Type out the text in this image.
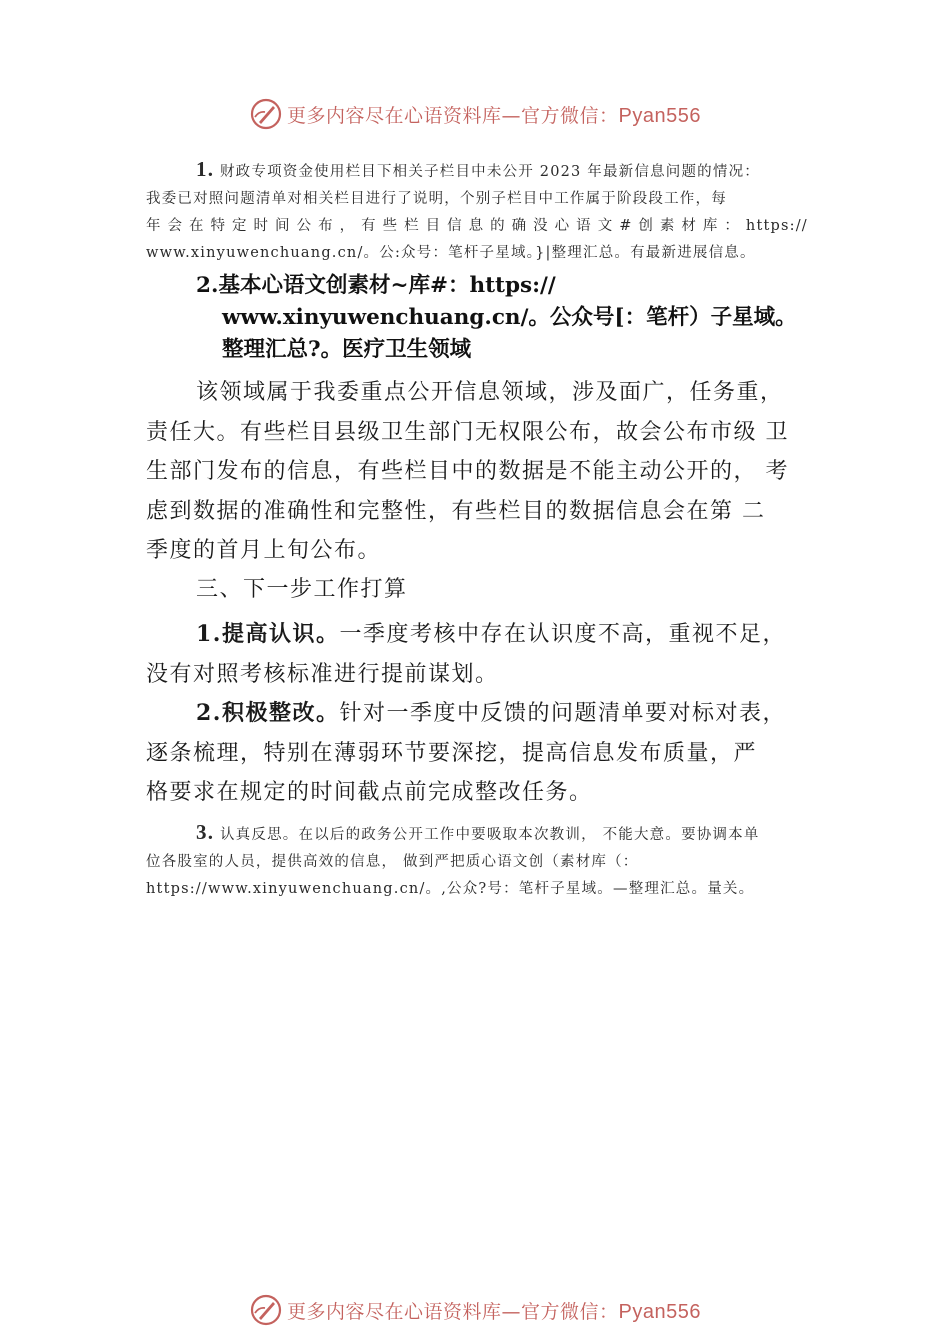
更多内容尽在心语资料库—官方微信：Pyan556
1. 财政专项资金使用栏目下相关子栏目中未公开 2023 年最新信息问题的情况：
我委已对照问题清单对相关栏目进行了说明，个别子栏目中工作属于阶段段工作，每
年 会 在 特 定 时 间 公 布 ， 有 些 栏 目 信 息 的 确 没 心 语 文 # 创 素 材 库 ： https://
www.xinyuwenchuang.cn/。公:众号：笔杆子星域。}|整理汇总。有最新进展信息。
2.基本心语文创素材~库#：https://
www.xinyuwenchuang.cn/。公众号[：笔杆）子星域。
整理汇总?。医疗卫生领域
该领域属于我委重点公开信息领域，涉及面广，任务重，
责任大。有些栏目县级卫生部门无权限公布，故会公布市级 卫
生部门发布的信息，有些栏目中的数据是不能主动公开的， 考
虑到数据的准确性和完整性，有些栏目的数据信息会在第 二
季度的首月上旬公布。
三、下一步工作打算
1.提高认识。一季度考核中存在认识度不高，重视不足，
没有对照考核标准进行提前谋划。
2.积极整改。针对一季度中反馈的问题清单要对标对表，
逐条梳理，特别在薄弱环节要深挖，提高信息发布质量，严
格要求在规定的时间截点前完成整改任务。
3. 认真反思。在以后的政务公开工作中要吸取本次教训， 不能大意。要协调本单
位各股室的人员，提供高效的信息， 做到严把质心语文创（素材库（：
https://www.xinyuwenchuang.cn/。,公众?号：笔杆子星域。—整理汇总。量关。
更多内容尽在心语资料库—官方微信：Pyan556
